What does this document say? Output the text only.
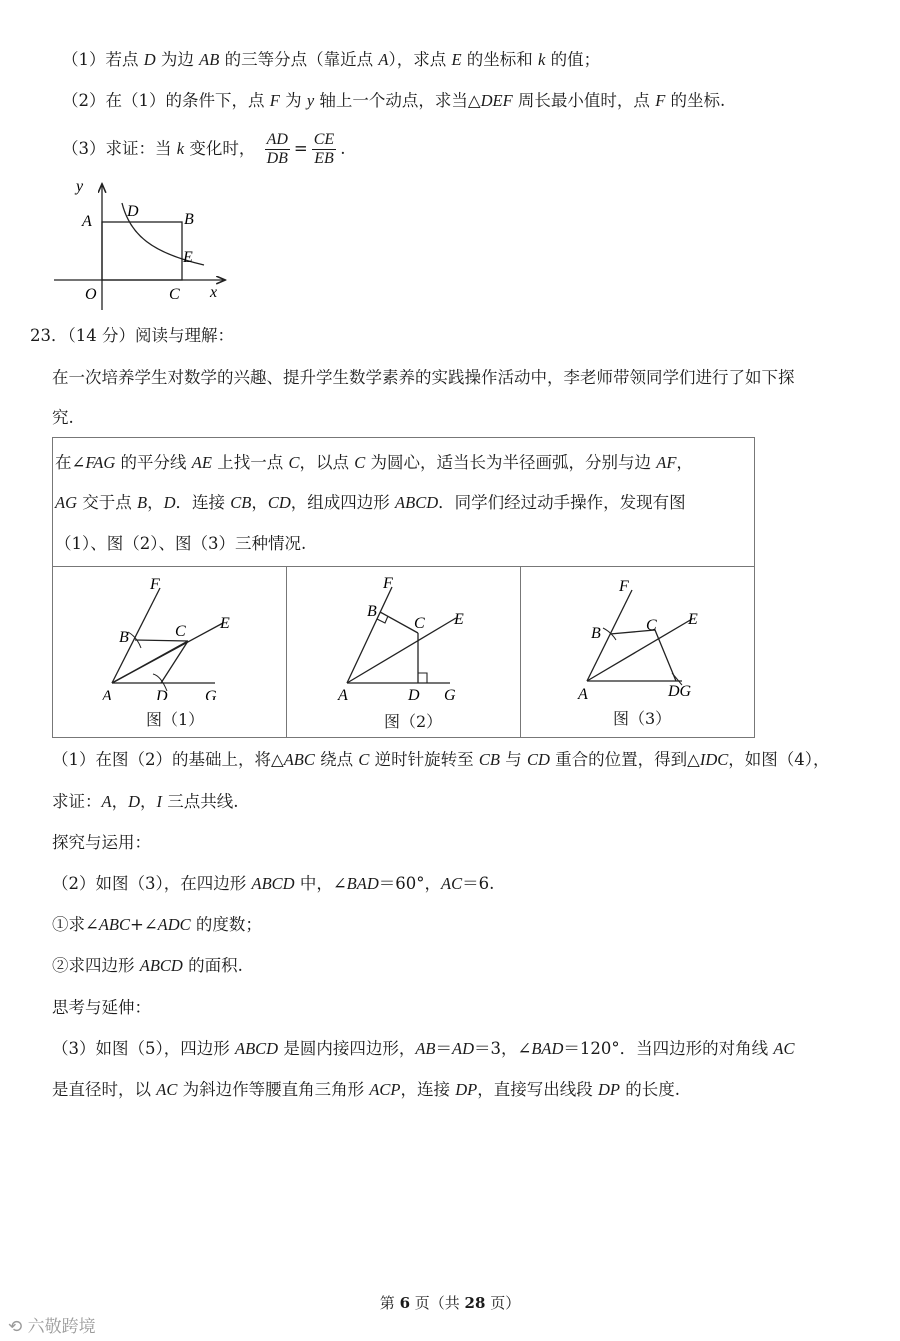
（1）若点 D 为边 AB 的三等分点（靠近点 A），求点 E 的坐标和 k 的值；
（2）在（1）的条件下，点 F 为 y 轴上一个动点，求当△DEF 周长最小值时，点 F 的坐标.
（3）求证：当 k 变化时， $\frac{AD}{DB} = \frac{CE}{EB}$ .
y
x
O
A	B
C
D
E
23．（14 分）阅读与理解：
在一次培养学生对数学的兴趣、提升学生数学素养的实践操作活动中，李老师带领同学们进行了如下探
究.
在∠FAG 的平分线 AE 上找一点 C，以点 C 为圆心，适当长为半径画弧，分别与边 AF，
AG 交于点 B，D．连接 CB，CD，组成四边形 ABCD．同学们经过动手操作，发现有图
（1）、图（2）、图（3）三种情况.
A
B	C
D
E
F
G
图（1）
A
B
C
D
E
F
G
图（2）
A
B	C
DG
E
F
图（3）
（1）在图（2）的基础上，将△ABC 绕点 C 逆时针旋转至 CB 与 CD 重合的位置，得到△IDC，如图（4），
求证：A，D，I 三点共线.
探究与运用：
（2）如图（3），在四边形 ABCD 中，∠BAD＝60°，AC＝6.
①求∠ABC+∠ADC 的度数；
②求四边形 ABCD 的面积.
思考与延伸：
（3）如图（5），四边形 ABCD 是圆内接四边形，AB＝AD＝3，∠BAD＝120°．当四边形的对角线 AC
是直径时，以 AC 为斜边作等腰直角三角形 ACP，连接 DP，直接写出线段 DP 的长度.
第 6 页（共 28 页）
⟲ 六敬跨境
